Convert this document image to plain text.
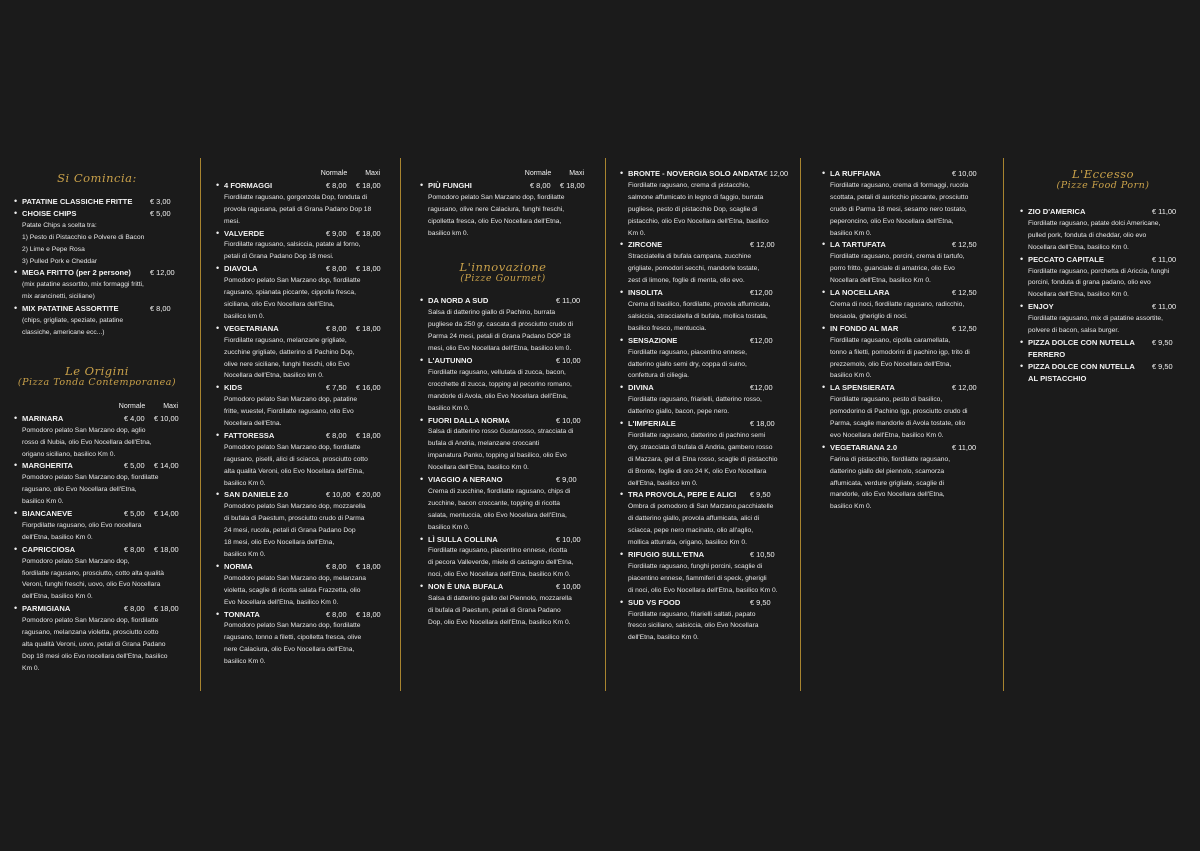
Si Comincia:
• PATATINE CLASSICHE FRITTE	€ 3,00
• CHOISE CHIPS	€ 5,00
Patate Chips a scelta tra:
1) Pesto di Pistacchio e Polvere di Bacon
2) Lime e Pepe Rosa
3) Pulled Pork e Cheddar
• MEGA FRITTO (per 2 persone)	€ 12,00
(mix patatine assortito, mix formaggi fritti,
mix arancinetti, siciliane)
• MIX PATATINE ASSORTITE	€ 8,00
(chips, grigliate, speziate, patatine
classiche, americane ecc...)
Le Origini
(Pizza Tonda Contemporanea)
Normale	Maxi
• MARINARA	€ 4,00	€ 10,00
Pomodoro pelato San Marzano dop, aglio
rosso di Nubia, olio Evo Nocellara dell'Etna,
origano siciliano, basilico Km 0.
• MARGHERITA	€ 5,00	€ 14,00
Pomodoro pelato San Marzano dop, fiordilatte
ragusano, olio Evo Nocellara dell'Etna,
basilico Km 0.
• BIANCANEVE	€ 5,00	€ 14,00
Fiorpdilatte ragusano, olio Evo nocellara
dell'Etna, basilico Km 0.
• CAPRICCIOSA	€ 8,00	€ 18,00
Pomodoro pelato San Marzano dop,
fiordilatte ragusano, prosciutto, cotto alta qualità
Veroni, funghi freschi, uovo, olio Evo Nocellara
dell'Etna, basilico Km 0.
• PARMIGIANA	€ 8,00	€ 18,00
Pomodoro pelato San Marzano dop, fiordilatte
ragusano, melanzana violetta, prosciutto cotto
alta qualità Veroni, uovo, petali di Grana Padano
Dop 18 mesi olio Evo nocellara dell'Etna, basilico
Km 0.
Normale	Maxi
• 4 FORMAGGI	€ 8,00	€ 18,00
Fiordilatte ragusano, gorgonzola Dop, fonduta di
provola ragusana, petali di Grana Padano Dop 18
mesi.
• VALVERDE	€ 9,00	€ 18,00
Fiordilatte ragusano, salsiccia, patate al forno,
petali di Grana Padano Dop 18 mesi.
• DIAVOLA	€ 8,00	€ 18,00
Pomodoro pelato San Marzano dop, fiordilatte
ragusano, spianata piccante, cippolla fresca,
siciliana, olio Evo Nocellara dell'Etna,
basilico km 0.
• VEGETARIANA	€ 8,00	€ 18,00
Fiordilatte ragusano, melanzane grigliate,
zucchine grigliate, datterino di Pachino Dop,
olive nere siciliane, funghi freschi, olio Evo
Nocellara dell'Etna, basilico km 0.
• KIDS	€ 7,50	€ 16,00
Pomodoro pelato San Marzano dop, patatine
fritte, wuestel, Fiordilatte ragusano, olio Evo
Nocellara dell'Etna.
• FATTORESSA	€ 8,00	€ 18,00
Pomodoro pelato San Marzano dop, fiordilatte
ragusano, piselli, alici di sciacca, prosciutto cotto
alta qualità Veroni, olio Evo Nocellara dell'Etna,
basilico Km 0.
• SAN DANIELE 2.0	€ 10,00 € 20,00
Pomodoro pelato San Marzano dop, mozzarella
di bufala di Paestum, prosciutto crudo di Parma
24 mesi, rucola, petali di Grana Padano Dop
18 mesi, olio Evo Nocellara dell'Etna,
basilico Km 0.
• NORMA	€ 8,00	€ 18,00
Pomodoro pelato San Marzano dop, melanzana
violetta, scaglie di ricotta salata Frazzetta, olio
Evo Nocellara dell'Etna, basilico Km 0.
• TONNATA	€ 8,00	€ 18,00
Pomodoro pelato San Marzano dop, fiordilatte
ragusano, tonno a filetti, cipolletta fresca, olive
nere Calaciura, olio Evo Nocellara dell'Etna,
basilico Km 0.
Normale	Maxi
• PIÙ FUNGHI	€ 8,00	€ 18,00
Pomodoro pelato San Marzano dop, fiordilatte
ragusano, olive nere Calaciura, funghi freschi,
cipolletta fresca, olio Evo Nocellara dell'Etna,
basilico km 0.
L'innovazione
(Pizze Gourmet)
• DA NORD A SUD	€ 11,00
Salsa di datterino giallo di Pachino, burrata
pugliese da 250 gr, cascata di prosciutto crudo di
Parma 24 mesi, petali di Grana Padano DOP 18
mesi, olio Evo Nocellara dell'Etna, basilico km 0.
• L'AUTUNNO	€ 10,00
Fiordilatte ragusano, vellutata di zucca, bacon,
crocchette di zucca, topping al pecorino romano,
mandorle di Avola, olio Evo Nocellara dell'Etna,
basilico Km 0.
• FUORI DALLA NORMA	€ 10,00
Salsa di datterino rosso Gustarosso, stracciata di
bufala di Andria, melanzane croccanti
impanatura Panko, topping al basilico, olio Evo
Nocellara dell'Etna, basilico Km 0.
• VIAGGIO A NERANO	€ 9,00
Crema di zucchine, fiordilatte ragusano, chips di
zucchine, bacon croccante, topping di ricotta
salata, mentuccia, olio Evo Nocellara dell'Etna,
basilico Km 0.
• LÌ SULLA COLLINA	€ 10,00
Fiordilatte ragusano, piacentino ennese, ricotta
di pecora Valleverde, miele di castagno dell'Etna,
noci, olio Evo Nocellara dell'Etna, basilico Km 0.
• NON È UNA BUFALA	€ 10,00
Salsa di datterino giallo del Piennolo, mozzarella
di bufala di Paestum, petali di Grana Padano
Dop, olio Evo Nocellara dell'Etna, basilico Km 0.
• BRONTE - NOVERGIA SOLO ANDATA € 12,00
Fiordilatte ragusano, crema di pistacchio,
salmone affumicato in legno di faggio, burrata
pugliese, pesto di pistacchio Dop, scaglie di
pistacchio, olio Evo Nocellara dell'Etna, basilico
Km 0.
• ZIRCONE	€ 12,00
Stracciatella di bufala campana, zucchine
grigliate, pomodori secchi, mandorle tostate,
zest di limone, foglie di menta, olio evo.
• INSOLITA	€12,00
Crema di basilico, fiordilatte, provola affumicata,
salsiccia, stracciatella di bufala, mollica tostata,
basilico fresco, mentuccia.
• SENSAZIONE	€12,00
Fiordilatte ragusano, piacentino ennese,
datterino giallo semi dry, coppa di suino,
confettura di ciliegia.
• DIVINA	€12,00
Fiordilatte ragusano, friarielli, datterino rosso,
datterino giallo, bacon, pepe nero.
• L'IMPERIALE	€ 18,00
Fiordilatte ragusano, datterino di pachino semi
dry, stracciata di bufala di Andria, gambero rosso
di Mazzara, gel di Etna rosso, scaglie di pistacchio
di Bronte, foglie di oro 24 K, olio Evo Nocellara
dell'Etna, basilico km 0.
• TRA PROVOLA, PEPE E ALICI	€ 9,50
Ombra di pomodoro di San Marzano,pacchiatelle
di datterino giallo, provola affumicata, alici di
sciacca, pepe nero macinato, olio all'aglio,
mollica atturrata, origano, basilico Km 0.
• RIFUGIO SULL'ETNA	€ 10,50
Fiordilatte ragusano, funghi porcini, scaglie di
piacentino ennese, fiammiferi di speck, gherigli
di noci, olio Evo Nocellara dell'Etna, basilico Km 0.
• SUD VS FOOD	€ 9,50
Fiordilatte ragusano, friarielli saltati, papato
fresco siciliano, salsiccia, olio Evo Nocellara
dell'Etna, basilico Km 0.
• LA RUFFIANA	€ 10,00
Fiordilatte ragusano, crema di formaggi, rucola
scottata, petali di auricchio piccante, prosciutto
crudo di Parma 18 mesi, sesamo nero tostato,
peperoncino, olio Evo Nocellara dell'Etna,
basilico Km 0.
• LA TARTUFATA	€ 12,50
Fiordilatte ragusano, porcini, crema di tartufo,
porro fritto, guanciale di amatrice, olio Evo
Nocellara dell'Etna, basilico Km 0.
• LA NOCELLARA	€ 12,50
Crema di noci, fiordilatte ragusano, radicchio,
bresaola, gheriglio di noci.
• IN FONDO AL MAR	€ 12,50
Fiordilatte ragusano, cipolla caramellata,
tonno a filetti, pomodorini di pachino igp, trito di
prezzemolo, olio Evo Nocellara dell'Etna,
basilico Km 0.
• LA SPENSIERATA	€ 12,00
Fiordilatte ragusano, pesto di basilico,
pomodorino di Pachino igp, prosciutto crudo di
Parma, scaglie mandorle di Avola tostate, olio
evo Nocellara dell'Etna, basilico Km 0.
• VEGETARIANA 2.0	€ 11,00
Farina di pistacchio, fiordilatte ragusano,
datterino giallo del piennolo, scamorza
affumicata, verdure grigliate, scaglie di
mandorle, olio Evo Nocellara dell'Etna,
basilico Km 0.
L'Eccesso
(Pizze Food Porn)
• ZIO D'AMERICA	€ 11,00
Fiordilatte ragusano, patate dolci Americane,
pulled pork, fonduta di cheddar, olio evo
Nocellara dell'Etna, basilico Km 0.
• PECCATO CAPITALE	€ 11,00
Fiordilatte ragusano, porchetta di Ariccia, funghi
porcini, fonduta di grana padano, olio evo
Nocellara dell'Etna, basilico Km 0.
• ENJOY	€ 11,00
Fiordilatte ragusano, mix di patatine assortite,
polvere di bacon, salsa burger.
• PIZZA DOLCE CON NUTELLA	€ 9,50
FERRERO
• PIZZA DOLCE CON NUTELLA	€ 9,50
AL PISTACCHIO
